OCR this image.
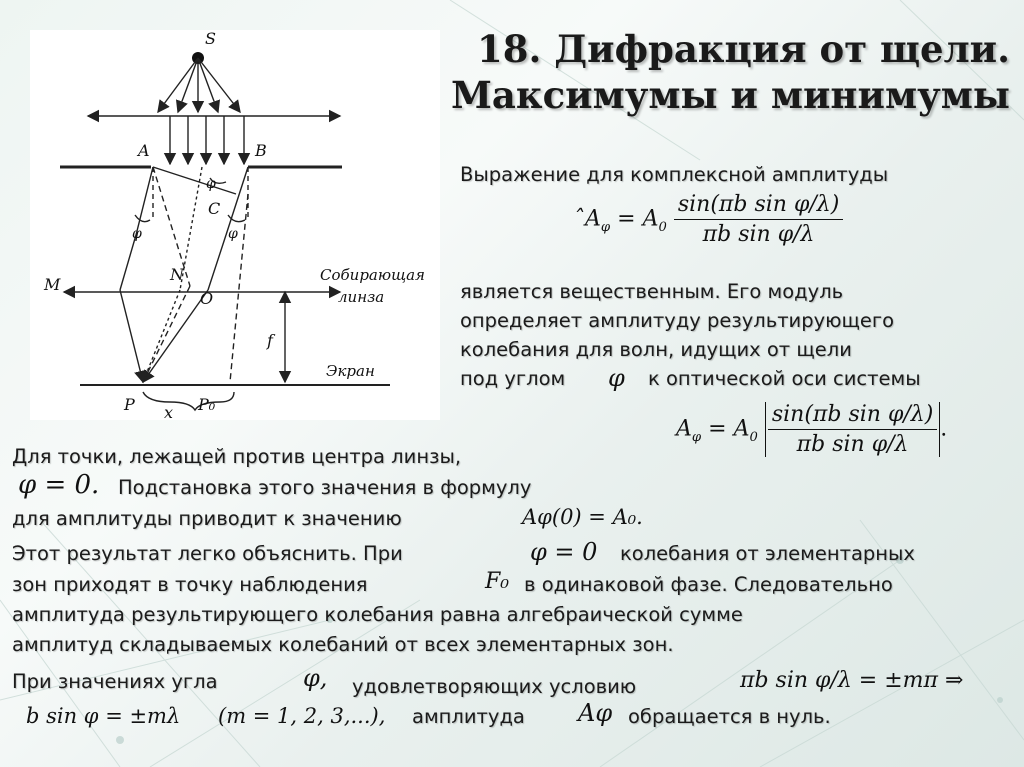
S
A	B
C
N
O
M
P	P₀
f
x
φ
φ	φ
Собирающая
линза
Экран
18. Дифракция от щели.
Максимумы и минимумы
Выражение для комплексной амплитуды
$A_\varphi = A_0 \frac{\text{sin(πb sin φ/λ)}}{\text{πb sin φ/λ}}$
является вещественным. Его модуль
определяет амплитуду результирующего
колебания для волн, идущих от щели
под углом φ к оптической оси системы
$A_\varphi = A_0 \frac{\text{sin(πb sin φ/λ)}}{\text{πb sin φ/λ}}$ .
Для точки, лежащей против центра линзы,
φ = 0. Подстановка этого значения в формулу
для амплитуды приводит к значению	Aφ(0) = A₀.
Этот результат легко объяснить. При	φ = 0 колебания от элементарных
зон приходят в точку наблюдения	F₀ в одинаковой фазе. Следовательно
амплитуда результирующего колебания равна алгебраической сумме
амплитуд складываемых колебаний от всех элементарных зон.
При значениях угла	φ, удовлетворяющих условию	πb sin φ/λ = ±mπ ⇒
b sin φ = ±mλ (m = 1, 2, 3,...), амплитуда Aφ обращается в нуль.
